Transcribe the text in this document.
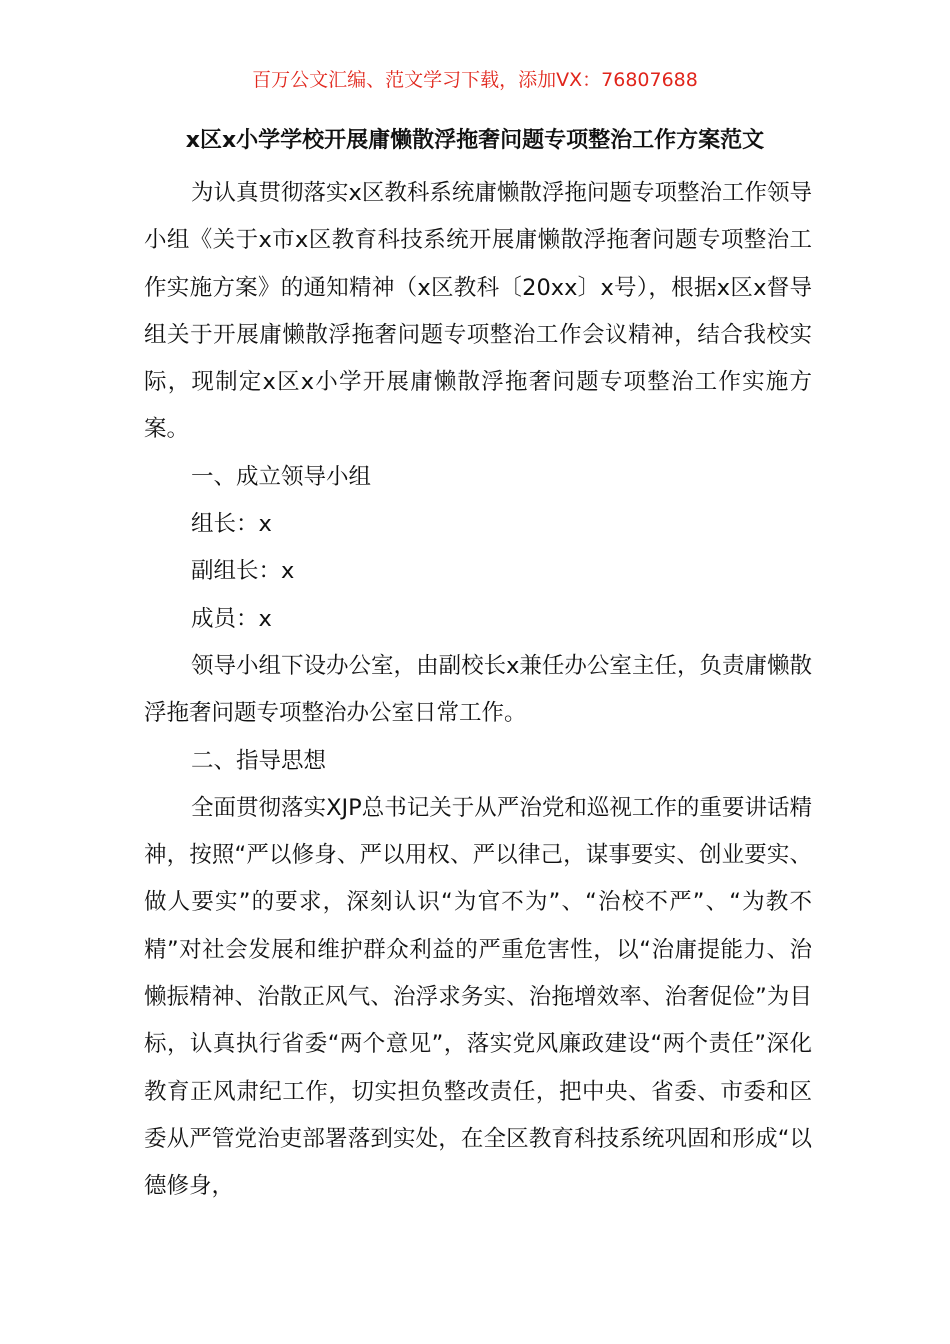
百万公文汇编、范文学习下载，添加VX：76807688
x区x小学学校开展庸懒散浮拖奢问题专项整治工作方案范文

为认真贯彻落实x区教科系统庸懒散浮拖问题专项整治工作领导小组《关于x市x区教育科技系统开展庸懒散浮拖奢问题专项整治工作实施方案》的通知精神（x区教科〔20xx〕x号），根据x区x督导组关于开展庸懒散浮拖奢问题专项整治工作会议精神，结合我校实际，现制定x区x小学开展庸懒散浮拖奢问题专项整治工作实施方案。

一、成立领导小组

组长：x

副组长：x

成员：x

领导小组下设办公室，由副校长x兼任办公室主任，负责庸懒散浮拖奢问题专项整治办公室日常工作。

二、指导思想

全面贯彻落实XJP总书记关于从严治党和巡视工作的重要讲话精神，按照“严以修身、严以用权、严以律己，谋事要实、创业要实、做人要实”的要求，深刻认识“为官不为”、“治校不严”、“为教不精”对社会发展和维护群众利益的严重危害性，以“治庸提能力、治懒振精神、治散正风气、治浮求务实、治拖增效率、治奢促俭”为目标，认真执行省委“两个意见”，落实党风廉政建设“两个责任”深化教育正风肃纪工作，切实担负整改责任，把中央、省委、市委和区委从严管党治吏部署落到实处，在全区教育科技系统巩固和形成“以德修身，
